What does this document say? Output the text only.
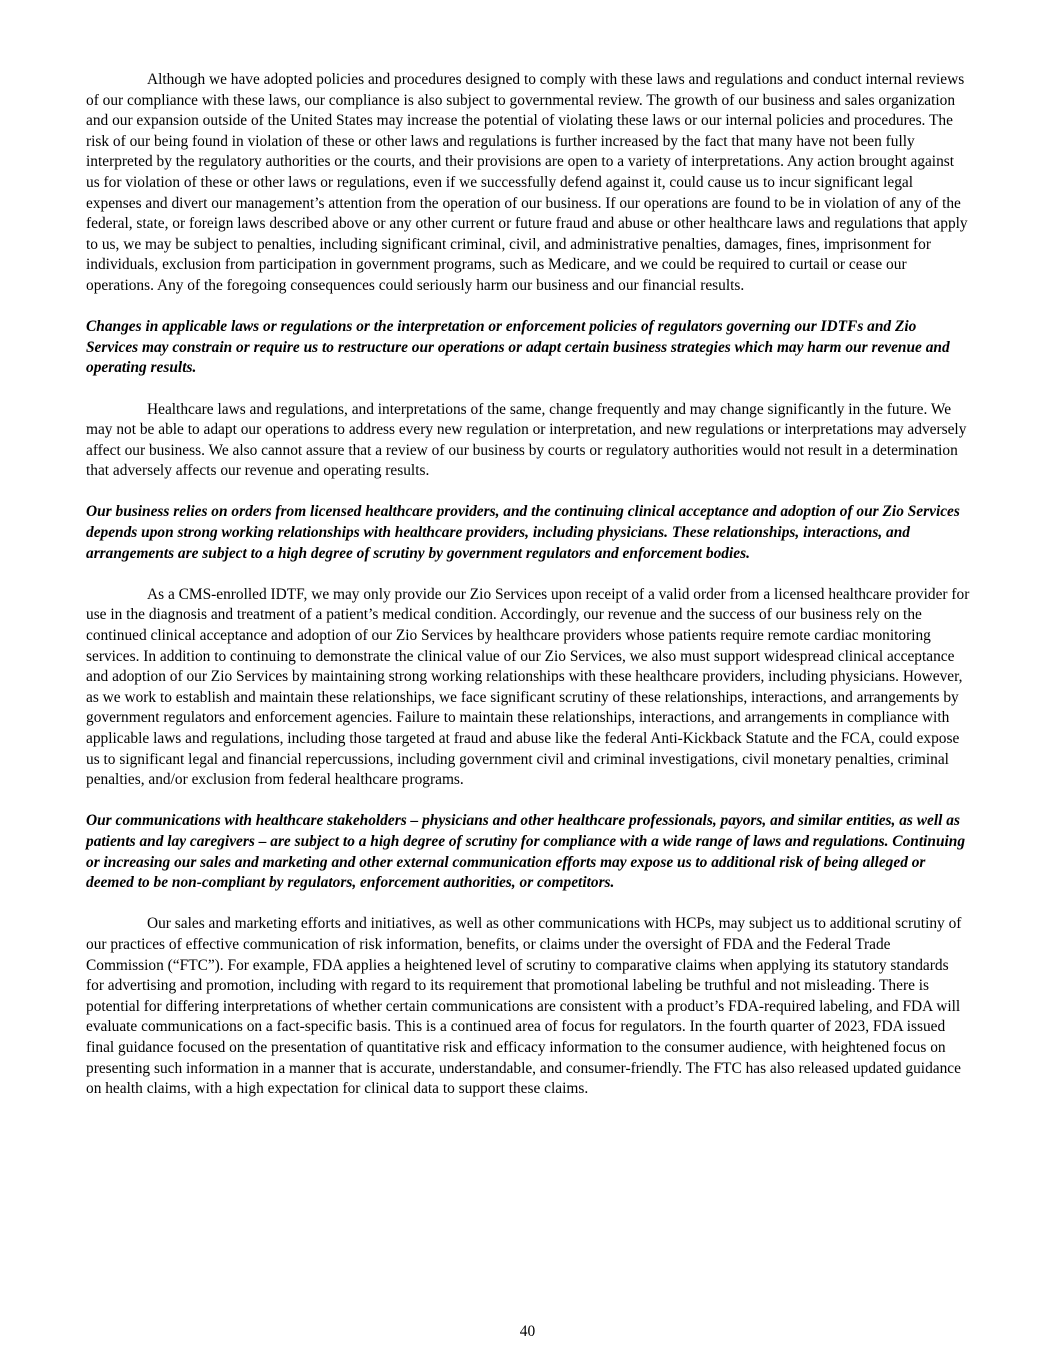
Although we have adopted policies and procedures designed to comply with these laws and regulations and conduct internal reviews of our compliance with these laws, our compliance is also subject to governmental review. The growth of our business and sales organization and our expansion outside of the United States may increase the potential of violating these laws or our internal policies and procedures. The risk of our being found in violation of these or other laws and regulations is further increased by the fact that many have not been fully interpreted by the regulatory authorities or the courts, and their provisions are open to a variety of interpretations. Any action brought against us for violation of these or other laws or regulations, even if we successfully defend against it, could cause us to incur significant legal expenses and divert our management’s attention from the operation of our business. If our operations are found to be in violation of any of the federal, state, or foreign laws described above or any other current or future fraud and abuse or other healthcare laws and regulations that apply to us, we may be subject to penalties, including significant criminal, civil, and administrative penalties, damages, fines, imprisonment for individuals, exclusion from participation in government programs, such as Medicare, and we could be required to curtail or cease our operations. Any of the foregoing consequences could seriously harm our business and our financial results.

Changes in applicable laws or regulations or the interpretation or enforcement policies of regulators governing our IDTFs and Zio Services may constrain or require us to restructure our operations or adapt certain business strategies which may harm our revenue and operating results.

Healthcare laws and regulations, and interpretations of the same, change frequently and may change significantly in the future. We may not be able to adapt our operations to address every new regulation or interpretation, and new regulations or interpretations may adversely affect our business. We also cannot assure that a review of our business by courts or regulatory authorities would not result in a determination that adversely affects our revenue and operating results.

Our business relies on orders from licensed healthcare providers, and the continuing clinical acceptance and adoption of our Zio Services depends upon strong working relationships with healthcare providers, including physicians. These relationships, interactions, and arrangements are subject to a high degree of scrutiny by government regulators and enforcement bodies.

As a CMS-enrolled IDTF, we may only provide our Zio Services upon receipt of a valid order from a licensed healthcare provider for use in the diagnosis and treatment of a patient’s medical condition. Accordingly, our revenue and the success of our business rely on the continued clinical acceptance and adoption of our Zio Services by healthcare providers whose patients require remote cardiac monitoring services. In addition to continuing to demonstrate the clinical value of our Zio Services, we also must support widespread clinical acceptance and adoption of our Zio Services by maintaining strong working relationships with these healthcare providers, including physicians. However, as we work to establish and maintain these relationships, we face significant scrutiny of these relationships, interactions, and arrangements by government regulators and enforcement agencies. Failure to maintain these relationships, interactions, and arrangements in compliance with applicable laws and regulations, including those targeted at fraud and abuse like the federal Anti-Kickback Statute and the FCA, could expose us to significant legal and financial repercussions, including government civil and criminal investigations, civil monetary penalties, criminal penalties, and/or exclusion from federal healthcare programs.

Our communications with healthcare stakeholders – physicians and other healthcare professionals, payors, and similar entities, as well as patients and lay caregivers – are subject to a high degree of scrutiny for compliance with a wide range of laws and regulations. Continuing or increasing our sales and marketing and other external communication efforts may expose us to additional risk of being alleged or deemed to be non-compliant by regulators, enforcement authorities, or competitors.

Our sales and marketing efforts and initiatives, as well as other communications with HCPs, may subject us to additional scrutiny of our practices of effective communication of risk information, benefits, or claims under the oversight of FDA and the Federal Trade Commission (“FTC”). For example, FDA applies a heightened level of scrutiny to comparative claims when applying its statutory standards for advertising and promotion, including with regard to its requirement that promotional labeling be truthful and not misleading. There is potential for differing interpretations of whether certain communications are consistent with a product’s FDA-required labeling, and FDA will evaluate communications on a fact-specific basis. This is a continued area of focus for regulators. In the fourth quarter of 2023, FDA issued final guidance focused on the presentation of quantitative risk and efficacy information to the consumer audience, with heightened focus on presenting such information in a manner that is accurate, understandable, and consumer-friendly. The FTC has also released updated guidance on health claims, with a high expectation for clinical data to support these claims.

40
